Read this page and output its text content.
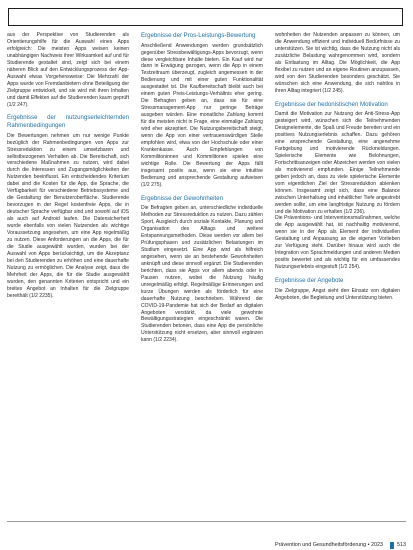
aus der Perspektive von Studierenden als Orientierungshilfe für die Auswahl eines Apps erfolgreich: Die meisten Apps weisen keinen unabhängigen Nachweis ihrer Wirksamkeit auf und für Studierende gestaltet sind, zeigt sich bei einem näheren Blick auf den Entwicklungsprozess der App-Auswahl etwas Vorgehensweise: Die Mehrzahl der Apps wurde von Fremdanbietern ohne Beteiligung der Zielgruppe entwickelt, und sie wird mit ihren Inhalten und damit Effekten auf die Studierenden kaum geprüft (1/2 247).

Ergebnisse der nutzungserleichternden Rahmenbedingungen

Die Bewertungen nehmen um nur wenige Punkte bezüglich der Rahmenbedingungen von Apps zur Stressreduktion zu einem umsetzbaren und selbstbezogenen Verhalten ab. Die Bereitschaft, sich verschiedene Maßnahmen zu nutzen, wird dabei durch die Interessen und Zugangsmöglichkeiten der Nutzenden beeinflusst. Ein entscheidendes Kriterium dabei sind die Kosten für die App, die Sprache, die Verfügbarkeit für verschiedene Betriebssysteme und die Gestaltung der Benutzeroberfläche. Studierende bevorzugen in der Regel kostenfreie Apps, die in deutscher Sprache verfügbar sind und sowohl auf iOS als auch auf Android laufen. Die Datensicherheit wurde ebenfalls von vielen Nutzenden als wichtige Voraussetzung angesehen, um eine App regelmäßig zu nutzen. Diese Anforderungen an die Apps, die für die Studie ausgewählt wurden, wurden bei der Auswahl von Apps berücksichtigt, um die Akzeptanz bei den Studierenden zu erhöhen und eine dauerhafte Nutzung zu ermöglichen. Die Analyse zeigt, dass die Mehrheit der Apps, die für die Studie ausgewählt wurden, den genannten Kriterien entspricht und ein breites Angebot an Inhalten für die Zielgruppe bereithält (1/2 2235).

Ergebnisse der Pros-Leistungs-Bewertung

Anschließend Anwendungen werden grundsätzlich gegenüber Stressbewältigungs-Apps bevorzugt, wenn diese vergleichbare Inhalte bieten. Ein Kauf wird nur dann in Erwägung gezogen, wenn die App in einem Testzeitraum überzeugt, zugleich angemessen in der Bedienung und mit einer guten Funktionalität ausgestattet ist. Die Kaufbereitschaft bleibt auch bei einem guten Preis-Leistungs-Verhältnis eher gering. Die Befragten geben an, dass sie für eine Stressmanagement-App nur geringe Beträge ausgeben würden. Eine monatliche Zahlung kommt für die meisten nicht in Frage, eine einmalige Zahlung wird eher akzeptiert. Die Nutzungsbereitschaft steigt, wenn die App von einer vertrauenswürdigen Stelle empfohlen wird, etwa von der Hochschule oder einer Krankenkasse. Auch Empfehlungen von Kommilitoninnen und Kommilitonen spielen eine wichtige Rolle. Die Bewertung der Apps fällt insgesamt positiv aus, wenn sie eine intuitive Bedienung und ansprechende Gestaltung aufweisen (1/2 275).

Ergebnisse der Gewohnheiten

Die Befragten geben an, unterschiedliche individuelle Methoden zur Stressreduktion zu nutzen. Dazu zählen Sport, Ausgleich durch soziale Kontakte, Planung und Organisation des Alltags und weitere Entspannungsmethoden. Diese werden vor allem bei Prüfungsphasen und zusätzlichen Belastungen im Studium eingesetzt. Eine App wird als hilfreich angesehen, wenn sie an bestehende Gewohnheiten anknüpft und diese sinnvoll ergänzt. Die Studierenden berichten, dass sie Apps vor allem abends oder in Pausen nutzen, wobei die Nutzung häufig unregelmäßig erfolgt. Regelmäßige Erinnerungen und kurze Übungen werden als förderlich für eine dauerhafte Nutzung beschrieben. Während der COVID-19-Pandemie hat sich der Bedarf an digitalen Angeboten verstärkt, da viele gewohnte Bewältigungsstrategien eingeschränkt waren. Die Studierenden betonen, dass eine App die persönliche Unterstützung nicht ersetzen, aber sinnvoll ergänzen kann (1/2 2234).

wohnheiten der Nutzenden anpassen zu können, um die Anwendung effizient und individuell Bedürfnisse zu unterstützen. Sie ist wichtig, dass die Nutzung nicht als zusätzliche Belastung wahrgenommen wird, sondern als Entlastung im Alltag. Die Möglichkeit, die App flexibel zu nutzen und an eigene Routinen anzupassen, wird von den Studierenden besonders geschätzt. Sie wünschen sich eine Anwendung, die sich nahtlos in ihren Alltag integriert (1/2 245).

Ergebnisse der hedonistischen Motivation

Damit die Motivation zur Nutzung der Anti-Stress-App gesteigert wird, wünschen sich die Teilnehmenden Designelemente, die Spaß und Freude bereiten und ein positives Nutzungserlebnis schaffen. Dazu gehören eine ansprechende Gestaltung, eine angenehme Farbgebung und motivierende Rückmeldungen. Spielerische Elemente wie Belohnungen, Fortschrittsanzeigen oder Abzeichen werden von vielen als motivierend empfunden. Einige Teilnehmende geben jedoch an, dass zu viele spielerische Elemente vom eigentlichen Ziel der Stressreduktion ablenken können. Insgesamt zeigt sich, dass eine Balance zwischen Unterhaltung und inhaltlicher Tiefe angestrebt werden sollte, um eine langfristige Nutzung zu fördern und die Motivation zu erhalten (1/2 236).

Die Präventions- und Interventionsmaßnahmen, welche die App ausgewählt hat, ist nachhaltig motivierend, wenn sie in der App als Element der individuellen Gestaltung und Anpassung an die eigenen Vorlieben zur Verfügung steht. Darüber hinaus wird auch die Integration von Sprachmeldungen und anderen Medien positiv bewertet und als wichtig für ein umfassendes Nutzungserlebnis eingestuft (1/2 254).

Ergebnisse der Angebote

Die Zielgruppe, Angst sieht den Einsatz von digitalen Angeboten, die Begleitung und Unterstützung bieten.

Prävention und Gesundheitsförderung • 2023	513
